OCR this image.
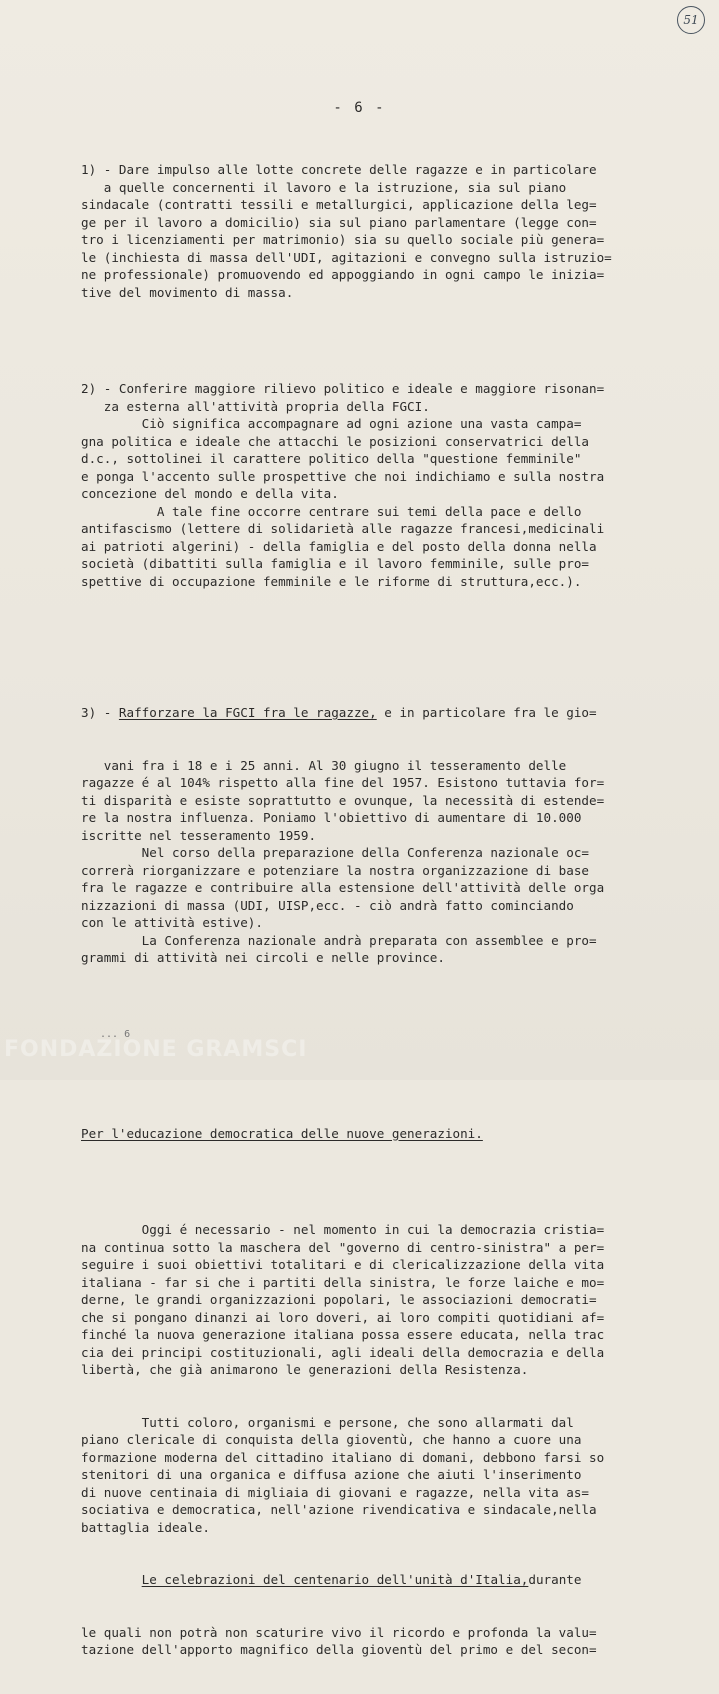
51
- 6 -

1) - Dare impulso alle lotte concrete delle ragazze e in particolare
a quelle concernenti il lavoro e la istruzione, sia sul piano
sindacale (contratti tessili e metallurgici, applicazione della leg=
ge per il lavoro a domicilio) sia sul piano parlamentare (legge con=
tro i licenziamenti per matrimonio) sia su quello sociale più genera=
le (inchiesta di massa dell'UDI, agitazioni e convegno sulla istruzio=
ne professionale) promuovendo ed appoggiando in ogni campo le inizia=
tive del movimento di massa.

2) - Conferire maggiore rilievo politico e ideale e maggiore risonan=
za esterna all'attività propria della FGCI.
Ciò significa accompagnare ad ogni azione una vasta campa=
gna politica e ideale che attacchi le posizioni conservatrici della
d.c., sottolinei il carattere politico della "questione femminile"
e ponga l'accento sulle prospettive che noi indichiamo e sulla nostra
concezione del mondo e della vita.
A tale fine occorre centrare sui temi della pace e dello
antifascismo (lettere di solidarietà alle ragazze francesi,medicinali
ai patrioti algerini) - della famiglia e del posto della donna nella
società (dibattiti sulla famiglia e il lavoro femminile, sulle pro=
spettive di occupazione femminile e le riforme di struttura,ecc.).

3) - Rafforzare la FGCI fra le ragazze, e in particolare fra le gio=

vani fra i 18 e i 25 anni. Al 30 giugno il tesseramento delle
ragazze é al 104% rispetto alla fine del 1957. Esistono tuttavia for=
ti disparità e esiste soprattutto e ovunque, la necessità di estende=
re la nostra influenza. Poniamo l'obiettivo di aumentare di 10.000
iscritte nel tesseramento 1959.
Nel corso della preparazione della Conferenza nazionale oc=
correrà riorganizzare e potenziare la nostra organizzazione di base
fra le ragazze e contribuire alla estensione dell'attività delle orga
nizzazioni di massa (UDI, UISP,ecc. - ciò andrà fatto cominciando
con le attività estive).
La Conferenza nazionale andrà preparata con assemblee e pro=
grammi di attività nei circoli e nelle province.

Per l'educazione democratica delle nuove generazioni.

Oggi é necessario - nel momento in cui la democrazia cristia=
na continua sotto la maschera del "governo di centro-sinistra" a per=
seguire i suoi obiettivi totalitari e di clericalizzazione della vita
italiana - far si che i partiti della sinistra, le forze laiche e mo=
derne, le grandi organizzazioni popolari, le associazioni democrati=
che si pongano dinanzi ai loro doveri, ai loro compiti quotidiani af=
finché la nuova generazione italiana possa essere educata, nella trac
cia dei principi costituzionali, agli ideali della democrazia e della
libertà, che già animarono le generazioni della Resistenza.

Tutti coloro, organismi e persone, che sono allarmati dal
piano clericale di conquista della gioventù, che hanno a cuore una
formazione moderna del cittadino italiano di domani, debbono farsi so
stenitori di una organica e diffusa azione che aiuti l'inserimento
di nuove centinaia di migliaia di giovani e ragazze, nella vita as=
sociativa e democratica, nell'azione rivendicativa e sindacale,nella
battaglia ideale.

Le celebrazioni del centenario dell'unità d'Italia,durante

le quali non potrà non scaturire vivo il ricordo e profonda la valu=
tazione dell'apporto magnifico della gioventù del primo e del secon=

FONDAZIONE GRAMSCI
... 6
